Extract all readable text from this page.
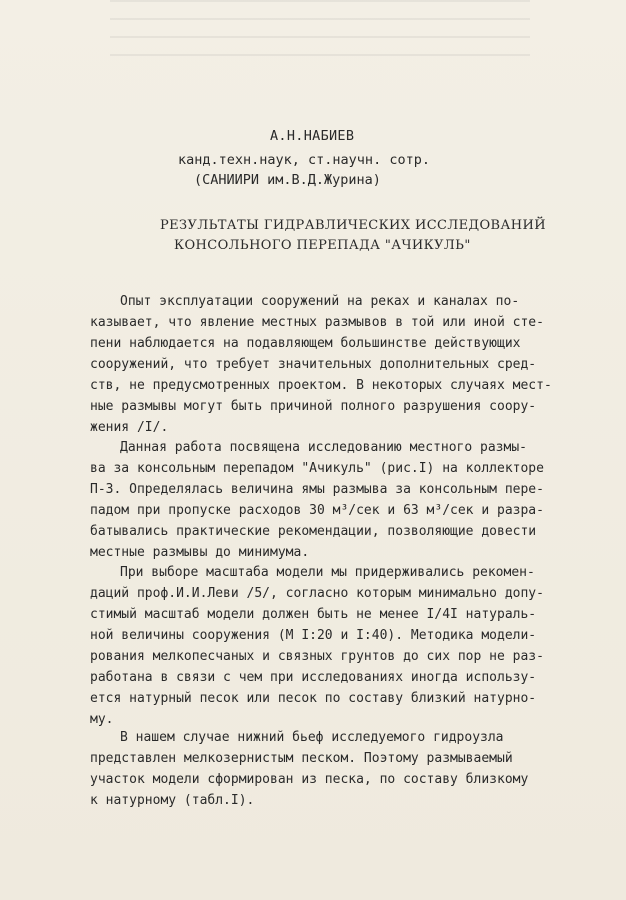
А.Н.НАБИЕВ
канд.техн.наук, ст.научн. сотр.
(САНИИРИ им.В.Д.Журина)
РЕЗУЛЬТАТЫ ГИДРАВЛИЧЕСКИХ ИССЛЕДОВАНИЙ
КОНСОЛЬНОГО ПЕРЕПАДА "АЧИКУЛЬ"
Опыт эксплуатации сооружений на реках и каналах по-
казывает, что явление местных размывов в той или иной сте-
пени наблюдается на подавляющем большинстве действующих
сооружений, что требует значительных дополнительных сред-
ств, не предусмотренных проектом. В некоторых случаях мест-
ные размывы могут быть причиной полного разрушения соору-
жения /I/.
Данная работа посвящена исследованию местного размы-
ва за консольным перепадом "Ачикуль" (рис.I) на коллекторе
П-3. Определялась величина ямы размыва за консольным пере-
падом при пропуске расходов 30 м³/сек и 63 м³/сек и разра-
батывались практические рекомендации, позволяющие довести
местные размывы до минимума.
При выборе масштаба модели мы придерживались рекомен-
даций проф.И.И.Леви /5/, согласно которым минимально допу-
стимый масштаб модели должен быть не менее I/4I натураль-
ной величины сооружения (М I:20 и I:40). Методика модели-
рования мелкопесчаных и связных грунтов до сих пор не раз-
работана в связи с чем при исследованиях иногда использу-
ется натурный песок или песок по составу близкий натурно-
му.
В нашем случае нижний бьеф исследуемого гидроузла
представлен мелкозернистым песком. Поэтому размываемый
участок модели сформирован из песка, по составу близкому
к натурному (табл.I).
